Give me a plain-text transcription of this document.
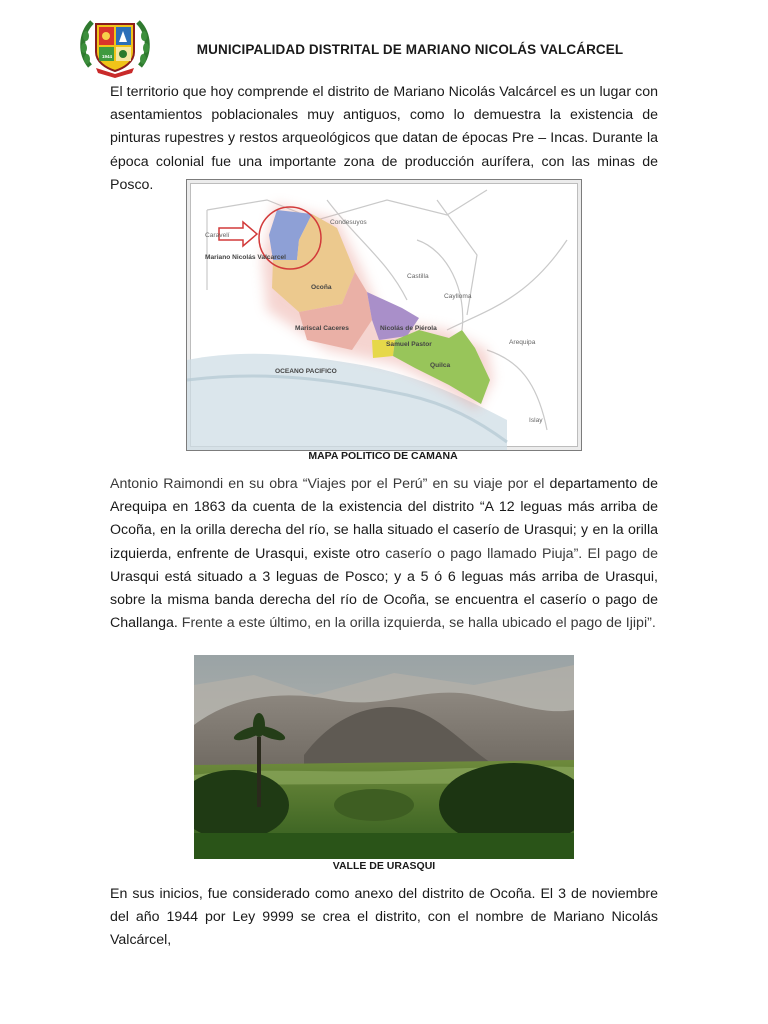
1944	MUNICIPALIDAD DISTRITAL DE MARIANO NICOLÁS VALCÁRCEL

El territorio que hoy comprende el distrito de Mariano Nicolás Valcárcel es un lugar con asentamientos poblacionales muy antiguos, como lo demuestra la existencia de pinturas rupestres y restos arqueológicos que datan de épocas Pre – Incas. Durante la época colonial fue una importante zona de producción aurífera, con las minas de Posco.

Condesuyos
Caravelí
Mariano Nicolás Valcarcel
Castilla
Caylloma
Ocoña
Mariscal Caceres	Nicolás de Piérola
Samuel Pastor
Quilca
Arequipa
OCEANO PACIFICO
Islay
MAPA POLITICO DE CAMANA

Antonio Raimondi en su obra “Viajes por el Perú” en su viaje por el departamento de Arequipa en 1863 da cuenta de la existencia del distrito “A 12 leguas más arriba de Ocoña, en la orilla derecha del río, se halla situado el caserío de Urasqui; y en la orilla izquierda, enfrente de Urasqui, existe otro caserío o pago llamado Piuja”. El pago de Urasqui está situado a 3 leguas de Posco; y a 5 ó 6 leguas más arriba de Urasqui, sobre la misma banda derecha del río de Ocoña, se encuentra el caserío o pago de Challanga. Frente a este último, en la orilla izquierda, se halla ubicado el pago de Ijipi”.

VALLE DE URASQUI

En sus inicios, fue considerado como anexo del distrito de Ocoña. El 3 de noviembre del año 1944 por Ley 9999 se crea el distrito, con el nombre de Mariano Nicolás Valcárcel,
